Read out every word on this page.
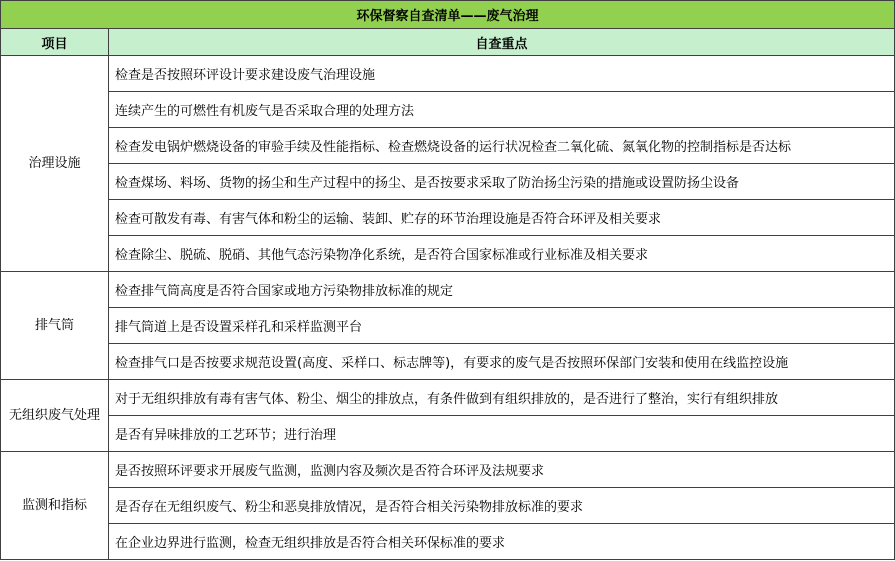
环保督察自查清单——废气治理	
项目	自查重点
治理设施	检查是否按照环评设计要求建设废气治理设施
	连续产生的可燃性有机废气是否采取合理的处理方法
	检查发电锅炉燃烧设备的审验手续及性能指标、检查燃烧设备的运行状况检查二氧化硫、氮氧化物的控制指标是否达标
	检查煤场、料场、货物的扬尘和生产过程中的扬尘、是否按要求采取了防治扬尘污染的措施或设置防扬尘设备
	检查可散发有毒、有害气体和粉尘的运输、装卸、贮存的环节治理设施是否符合环评及相关要求
	检查除尘、脱硫、脱硝、其他气态污染物净化系统，是否符合国家标准或行业标准及相关要求
排气筒	检查排气筒高度是否符合国家或地方污染物排放标准的规定
	排气筒道上是否设置采样孔和采样监测平台
	检查排气口是否按要求规范设置(高度、采样口、标志牌等)，有要求的废气是否按照环保部门安装和使用在线监控设施
无组织废气处理	对于无组织排放有毒有害气体、粉尘、烟尘的排放点，有条件做到有组织排放的，是否进行了整治，实行有组织排放
	是否有异味排放的工艺环节；进行治理
监测和指标	是否按照环评要求开展废气监测，监测内容及频次是否符合环评及法规要求
	是否存在无组织废气、粉尘和恶臭排放情况，是否符合相关污染物排放标准的要求
	在企业边界进行监测，检查无组织排放是否符合相关环保标准的要求
